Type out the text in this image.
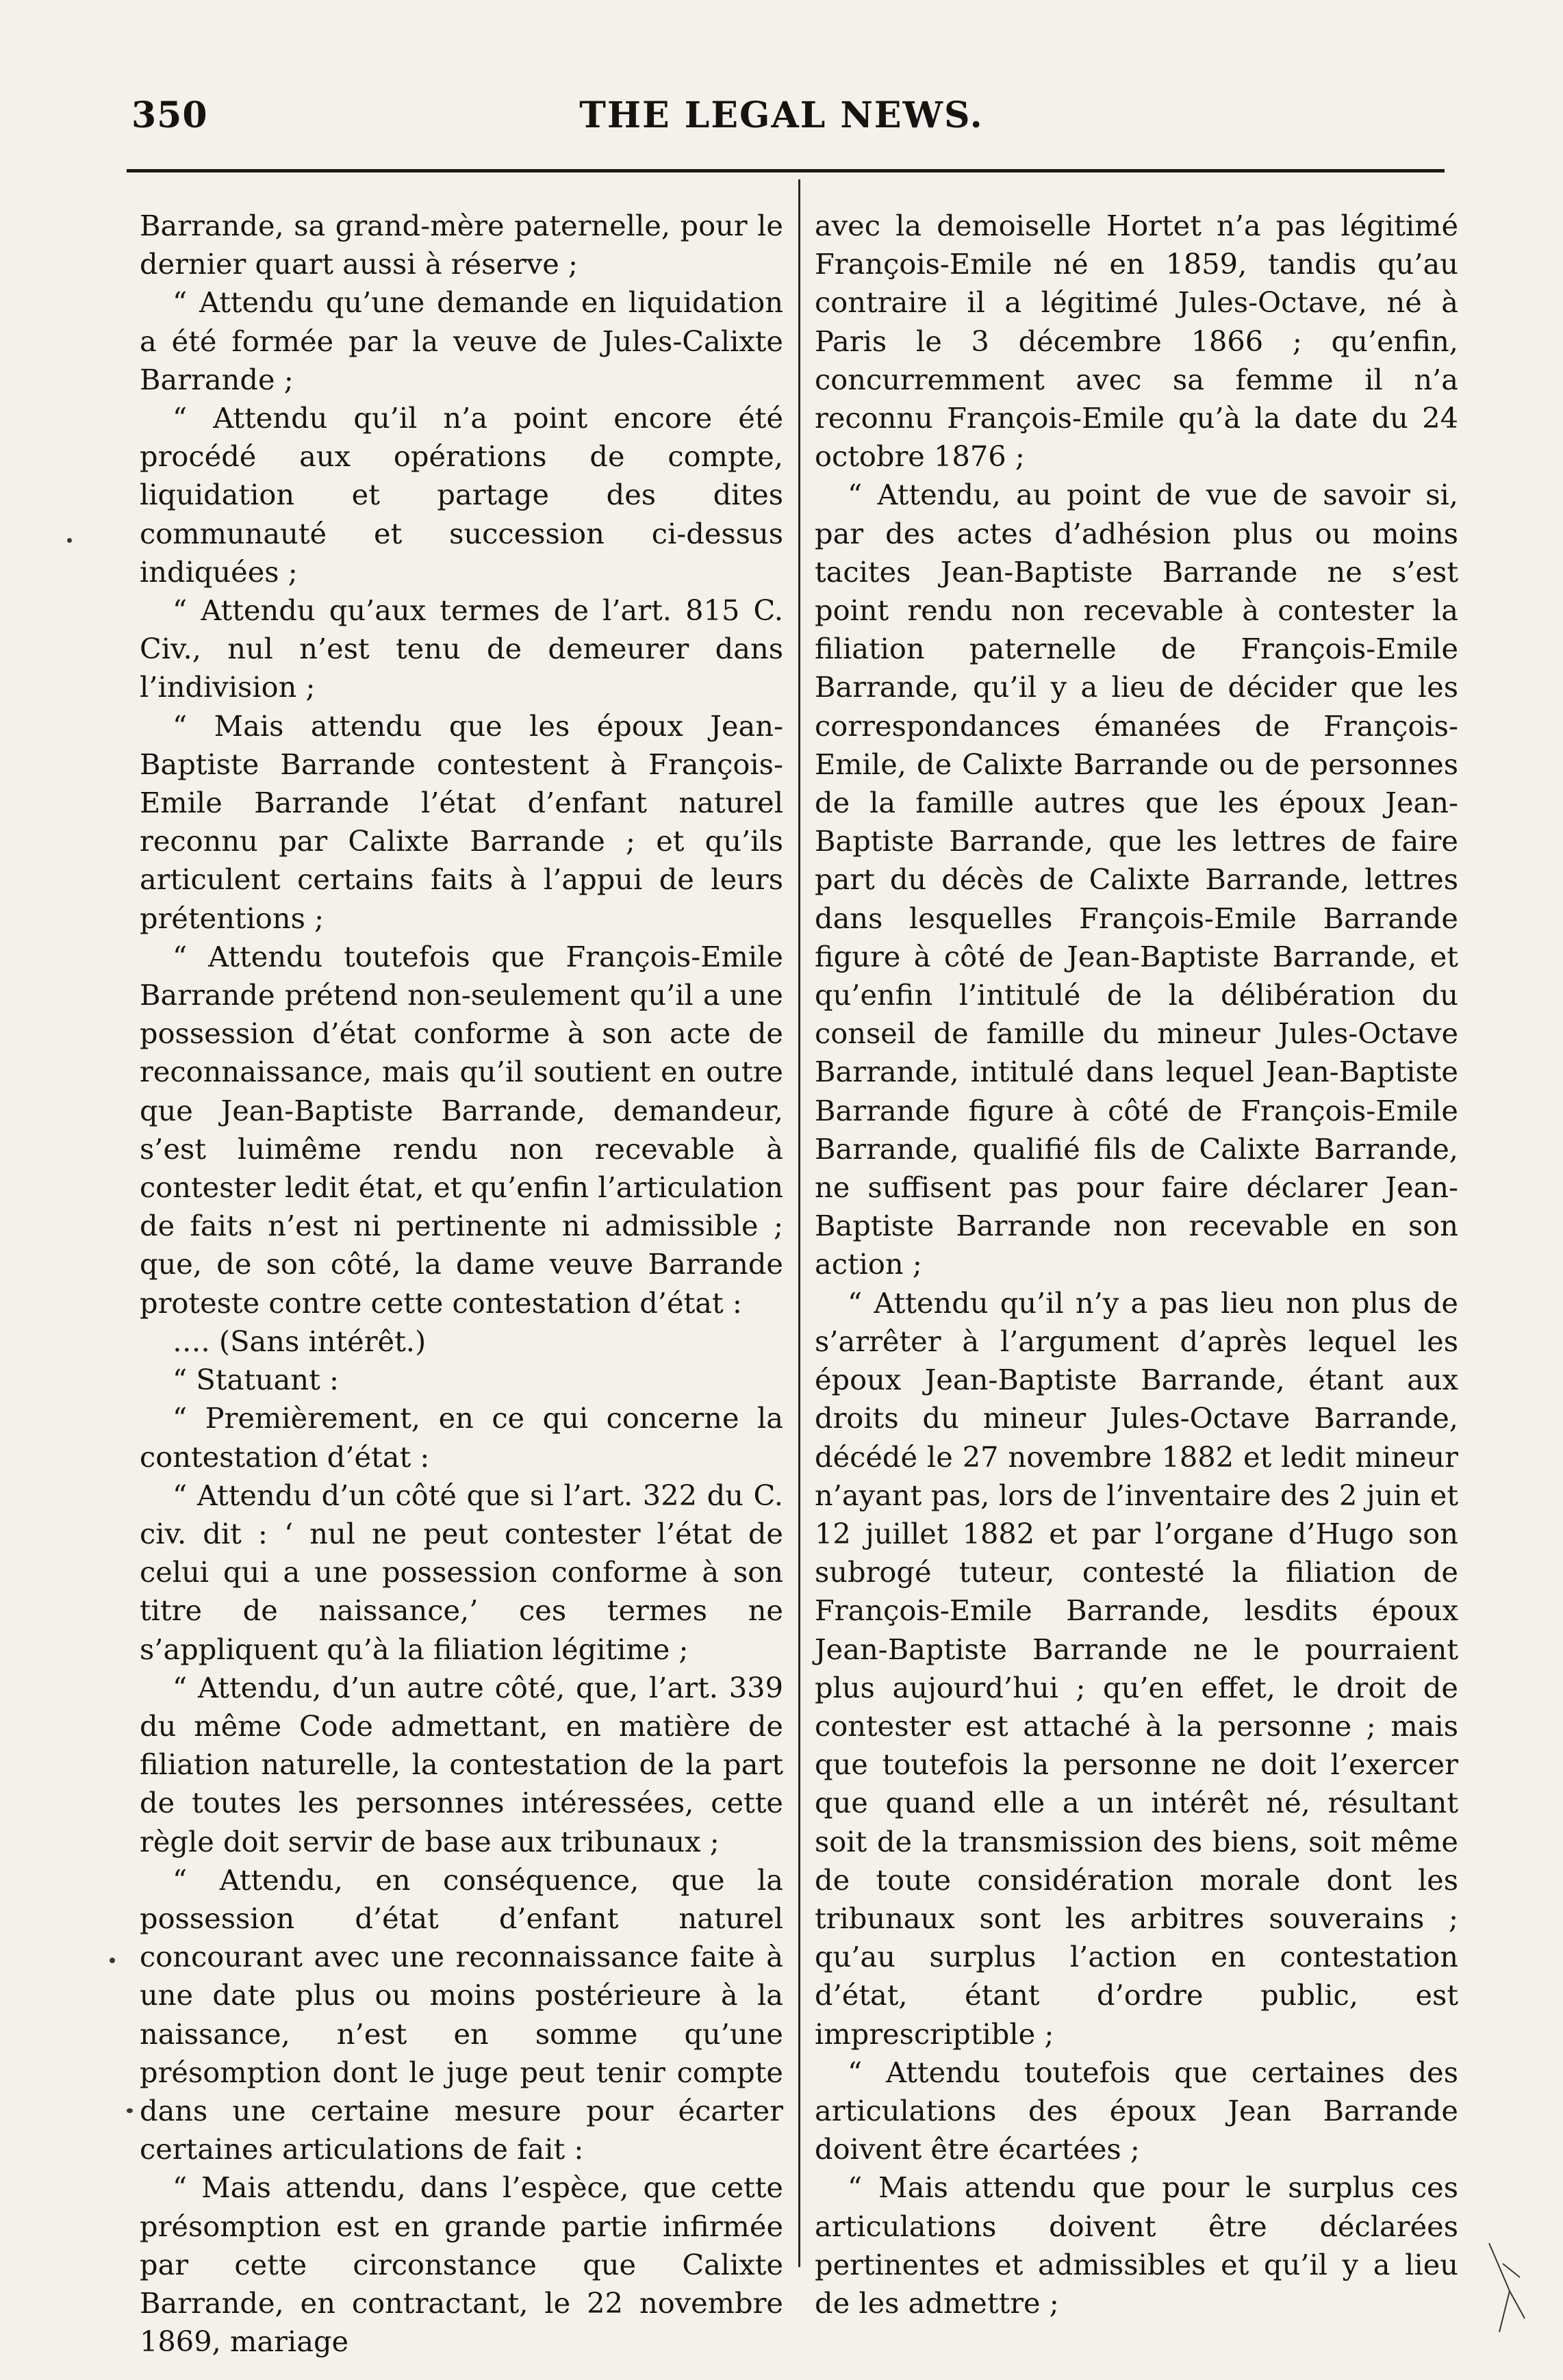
350	THE LEGAL NEWS.

Barrande, sa grand-mère paternelle, pour le dernier quart aussi à réserve ;

“ Attendu qu’une demande en liquidation a été formée par la veuve de Jules-Calixte Barrande ;

“ Attendu qu’il n’a point encore été procédé aux opérations de compte, liquidation et partage des dites communauté et succession ci-dessus indiquées ;

“ Attendu qu’aux termes de l’art. 815 C. Civ., nul n’est tenu de demeurer dans l’indivision ;

“ Mais attendu que les époux Jean-Baptiste Barrande contestent à François-Emile Barrande l’état d’enfant naturel reconnu par Calixte Barrande ; et qu’ils articulent certains faits à l’appui de leurs prétentions ;

“ Attendu toutefois que François-Emile Barrande prétend non-seulement qu’il a une possession d’état conforme à son acte de reconnaissance, mais qu’il soutient en outre que Jean-Baptiste Barrande, demandeur, s’est luimême rendu non recevable à contester ledit état, et qu’enfin l’articulation de faits n’est ni pertinente ni admissible ; que, de son côté, la dame veuve Barrande proteste contre cette contestation d’état :

…. (Sans intérêt.)

“ Statuant :

“ Premièrement, en ce qui concerne la contestation d’état :

“ Attendu d’un côté que si l’art. 322 du C. civ. dit : ‘ nul ne peut contester l’état de celui qui a une possession conforme à son titre de naissance,’ ces termes ne s’appliquent qu’à la filiation légitime ;

“ Attendu, d’un autre côté, que, l’art. 339 du même Code admettant, en matière de filiation naturelle, la contestation de la part de toutes les personnes intéressées, cette règle doit servir de base aux tribunaux ;

“ Attendu, en conséquence, que la possession d’état d’enfant naturel concourant avec une reconnaissance faite à une date plus ou moins postérieure à la naissance, n’est en somme qu’une présomption dont le juge peut tenir compte dans une certaine mesure pour écarter certaines articulations de fait :

“ Mais attendu, dans l’espèce, que cette présomption est en grande partie infirmée par cette circonstance que Calixte Barrande, en contractant, le 22 novembre 1869, mariage

avec la demoiselle Hortet n’a pas légitimé François-Emile né en 1859, tandis qu’au contraire il a légitimé Jules-Octave, né à Paris le 3 décembre 1866 ; qu’enfin, concurremment avec sa femme il n’a reconnu François-Emile qu’à la date du 24 octobre 1876 ;

“ Attendu, au point de vue de savoir si, par des actes d’adhésion plus ou moins tacites Jean-Baptiste Barrande ne s’est point rendu non recevable à contester la filiation paternelle de François-Emile Barrande, qu’il y a lieu de décider que les correspondances émanées de François-Emile, de Calixte Barrande ou de personnes de la famille autres que les époux Jean-Baptiste Barrande, que les lettres de faire part du décès de Calixte Barrande, lettres dans lesquelles François-Emile Barrande figure à côté de Jean-Baptiste Barrande, et qu’enfin l’intitulé de la délibération du conseil de famille du mineur Jules-Octave Barrande, intitulé dans lequel Jean-Baptiste Barrande figure à côté de François-Emile Barrande, qualifié fils de Calixte Barrande, ne suffisent pas pour faire déclarer Jean-Baptiste Barrande non recevable en son action ;

“ Attendu qu’il n’y a pas lieu non plus de s’arrêter à l’argument d’après lequel les époux Jean-Baptiste Barrande, étant aux droits du mineur Jules-Octave Barrande, décédé le 27 novembre 1882 et ledit mineur n’ayant pas, lors de l’inventaire des 2 juin et 12 juillet 1882 et par l’organe d’Hugo son subrogé tuteur, contesté la filiation de François-Emile Barrande, lesdits époux Jean-Baptiste Barrande ne le pourraient plus aujourd’hui ; qu’en effet, le droit de contester est attaché à la personne ; mais que toutefois la personne ne doit l’exercer que quand elle a un intérêt né, résultant soit de la transmission des biens, soit même de toute considération morale dont les tribunaux sont les arbitres souverains ; qu’au surplus l’action en contestation d’état, étant d’ordre public, est imprescriptible ;

“ Attendu toutefois que certaines des articulations des époux Jean Barrande doivent être écartées ;

“ Mais attendu que pour le surplus ces articulations doivent être déclarées pertinentes et admissibles et qu’il y a lieu de les admettre ;
